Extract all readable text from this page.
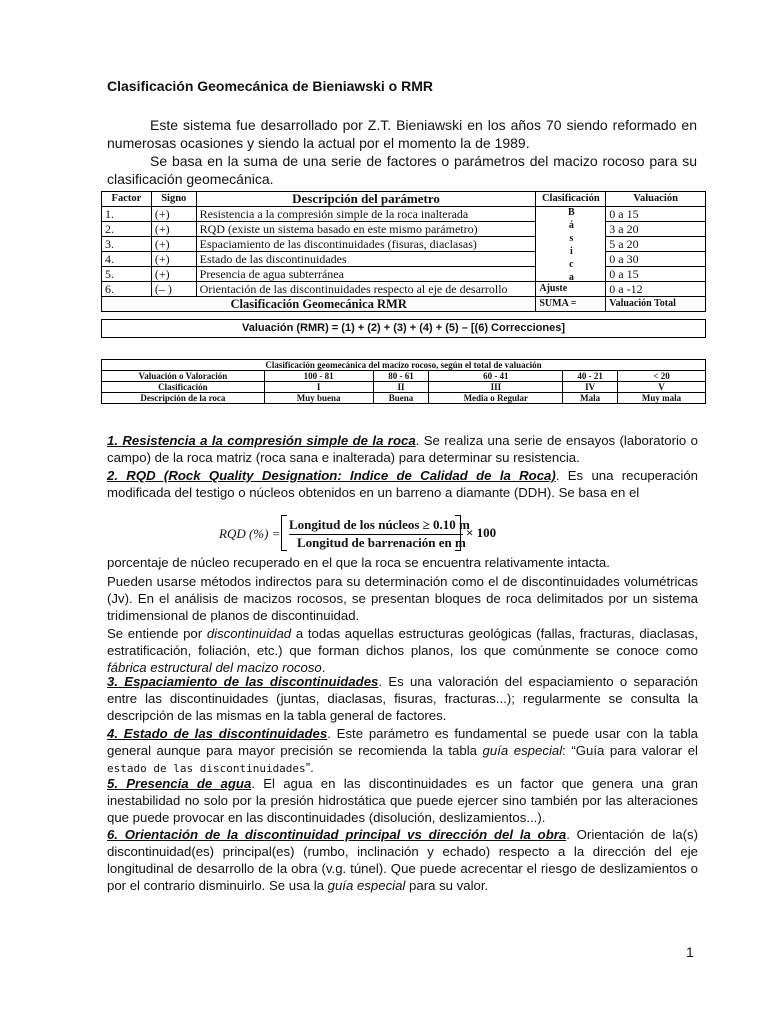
Clasificación Geomecánica de Bieniawski o RMR
Este sistema fue desarrollado por Z.T. Bieniawski en los años 70 siendo reformado en numerosas ocasiones y siendo la actual por el momento la de 1989.
Se basa en la suma de una serie de factores o parámetros del macizo rocoso para su clasificación geomecánica.
Factor	Signo	Descripción del parámetro	Clasificación	Valuación
1.	(+)	Resistencia a la compresión simple de la roca inalterada	Básica	0 a 15
2.	(+)	RQD (existe un sistema basado en este mismo parámetro)		3 a 20
3.	(+)	Espaciamiento de las discontinuidades (fisuras, diaclasas)		5 a 20
4.	(+)	Estado de las discontinuidades		0 a 30
5.	(+)	Presencia de agua subterránea		0 a 15
6.	(– )	Orientación de las discontinuidades respecto al eje de desarrollo	Ajuste	0 a -12
Clasificación Geomecánica RMR			SUMA =	Valuación Total
Valuación (RMR) = (1) + (2) + (3) + (4) + (5) – [(6) Correcciones]
Clasificación geomecánica del macizo rocoso, según el total de valuación					
Valuación o Valoración	100 - 81	80 - 61	60 - 41	40 - 21	< 20
Clasificación	I	II	III	IV	V
Descripción de la roca	Muy buena	Buena	Media o Regular	Mala	Muy mala
1. Resistencia a la compresión simple de la roca. Se realiza una serie de ensayos (laboratorio o campo) de la roca matriz (roca sana e inalterada) para determinar su resistencia.
2. RQD (Rock Quality Designation: Indice de Calidad de la Roca). Es una recuperación modificada del testigo o núcleos obtenidos en un barreno a diamante (DDH). Se basa en el
RQD (%) =
Longitud de los núcleos ≥ 0.10 m
Longitud de barrenación en m
× 100
porcentaje de núcleo recuperado en el que la roca se encuentra relativamente intacta.
Pueden usarse métodos indirectos para su determinación como el de discontinuidades volumétricas (Jv). En el análisis de macizos rocosos, se presentan bloques de roca delimitados por un sistema tridimensional de planos de discontinuidad.
Se entiende por discontinuidad a todas aquellas estructuras geológicas (fallas, fracturas, diaclasas, estratificación, foliación, etc.) que forman dichos planos, los que comúnmente se conoce como fábrica estructural del macizo rocoso.
3. Espaciamiento de las discontinuidades. Es una valoración del espaciamiento o separación entre las discontinuidades (juntas, diaclasas, fisuras, fracturas...); regularmente se consulta la descripción de las mismas en la tabla general de factores.
4. Estado de las discontinuidades. Este parámetro es fundamental se puede usar con la tabla general aunque para mayor precisión se recomienda la tabla guía especial: “Guía para valorar el estado de las discontinuidades”.
5. Presencia de agua. El agua en las discontinuidades es un factor que genera una gran inestabilidad no solo por la presión hidrostática que puede ejercer sino también por las alteraciones que puede provocar en las discontinuidades (disolución, deslizamientos...).
6. Orientación de la discontinuidad principal vs dirección del la obra. Orientación de la(s) discontinuidad(es) principal(es) (rumbo, inclinación y echado) respecto a la dirección del eje longitudinal de desarrollo de la obra (v.g. túnel). Que puede acrecentar el riesgo de deslizamientos o por el contrario disminuirlo. Se usa la guía especial para su valor.
1
